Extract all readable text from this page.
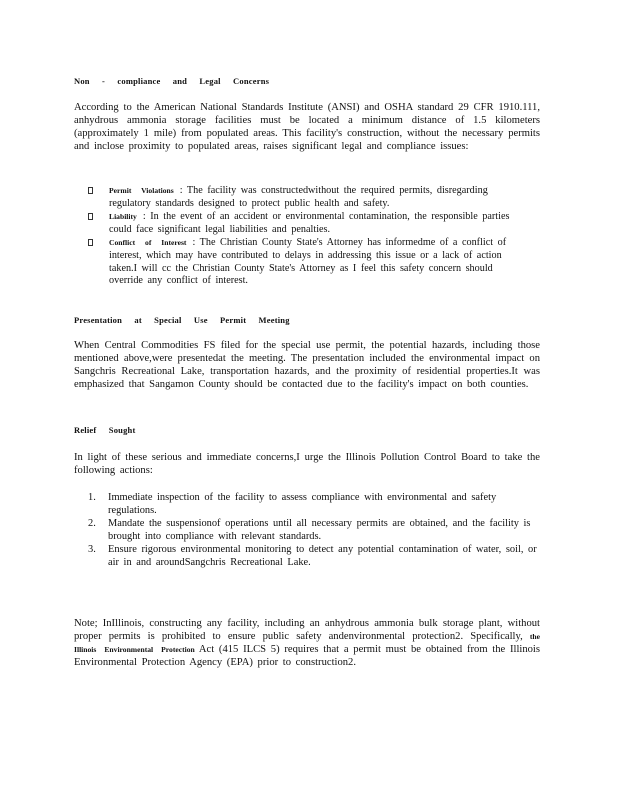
Non - compliance and Legal Concerns
According to the American National Standards Institute (ANSI) and OSHA standard 29 CFR 1910.111, anhydrous ammonia storage facilities must be located a minimum distance of 1.5 kilometers (approximately 1 mile) from populated areas. This facility's construction, without the necessary permits and inclose proximity to populated areas, raises significant legal and compliance issues:
Permit Violations : The facility was constructedwithout the required permits, disregarding regulatory standards designed to protect public health and safety.
Liability : In the event of an accident or environmental contamination, the responsible parties could face significant legal liabilities and penalties.
Conflict of Interest : The Christian County State's Attorney has informedme of a conflict of interest, which may have contributed to delays in addressing this issue or a lack of action taken.I will cc the Christian County State's Attorney as I feel this safety concern should override any conflict of interest.
Presentation at Special Use Permit Meeting
When Central Commodities FS filed for the special use permit, the potential hazards, including those mentioned above,were presentedat the meeting. The presentation included the environmental impact on Sangchris Recreational Lake, transportation hazards, and the proximity of residential properties.It was emphasized that Sangamon County should be contacted due to the facility's impact on both counties.
Relief Sought
In light of these serious and immediate concerns,I urge the Illinois Pollution Control Board to take the following actions:
1. Immediate inspection of the facility to assess compliance with environmental and safety regulations.
2. Mandate the suspensionof operations until all necessary permits are obtained, and the facility is brought into compliance with relevant standards.
3. Ensure rigorous environmental monitoring to detect any potential contamination of water, soil, or air in and aroundSangchris Recreational Lake.
Note; InIllinois, constructing any facility, including an anhydrous ammonia bulk storage plant, without proper permits is prohibited to ensure public safety andenvironmental protection2. Specifically, the Illinois Environmental Protection Act (415 ILCS 5) requires that a permit must be obtained from the Illinois Environmental Protection Agency (EPA) prior to construction2.
